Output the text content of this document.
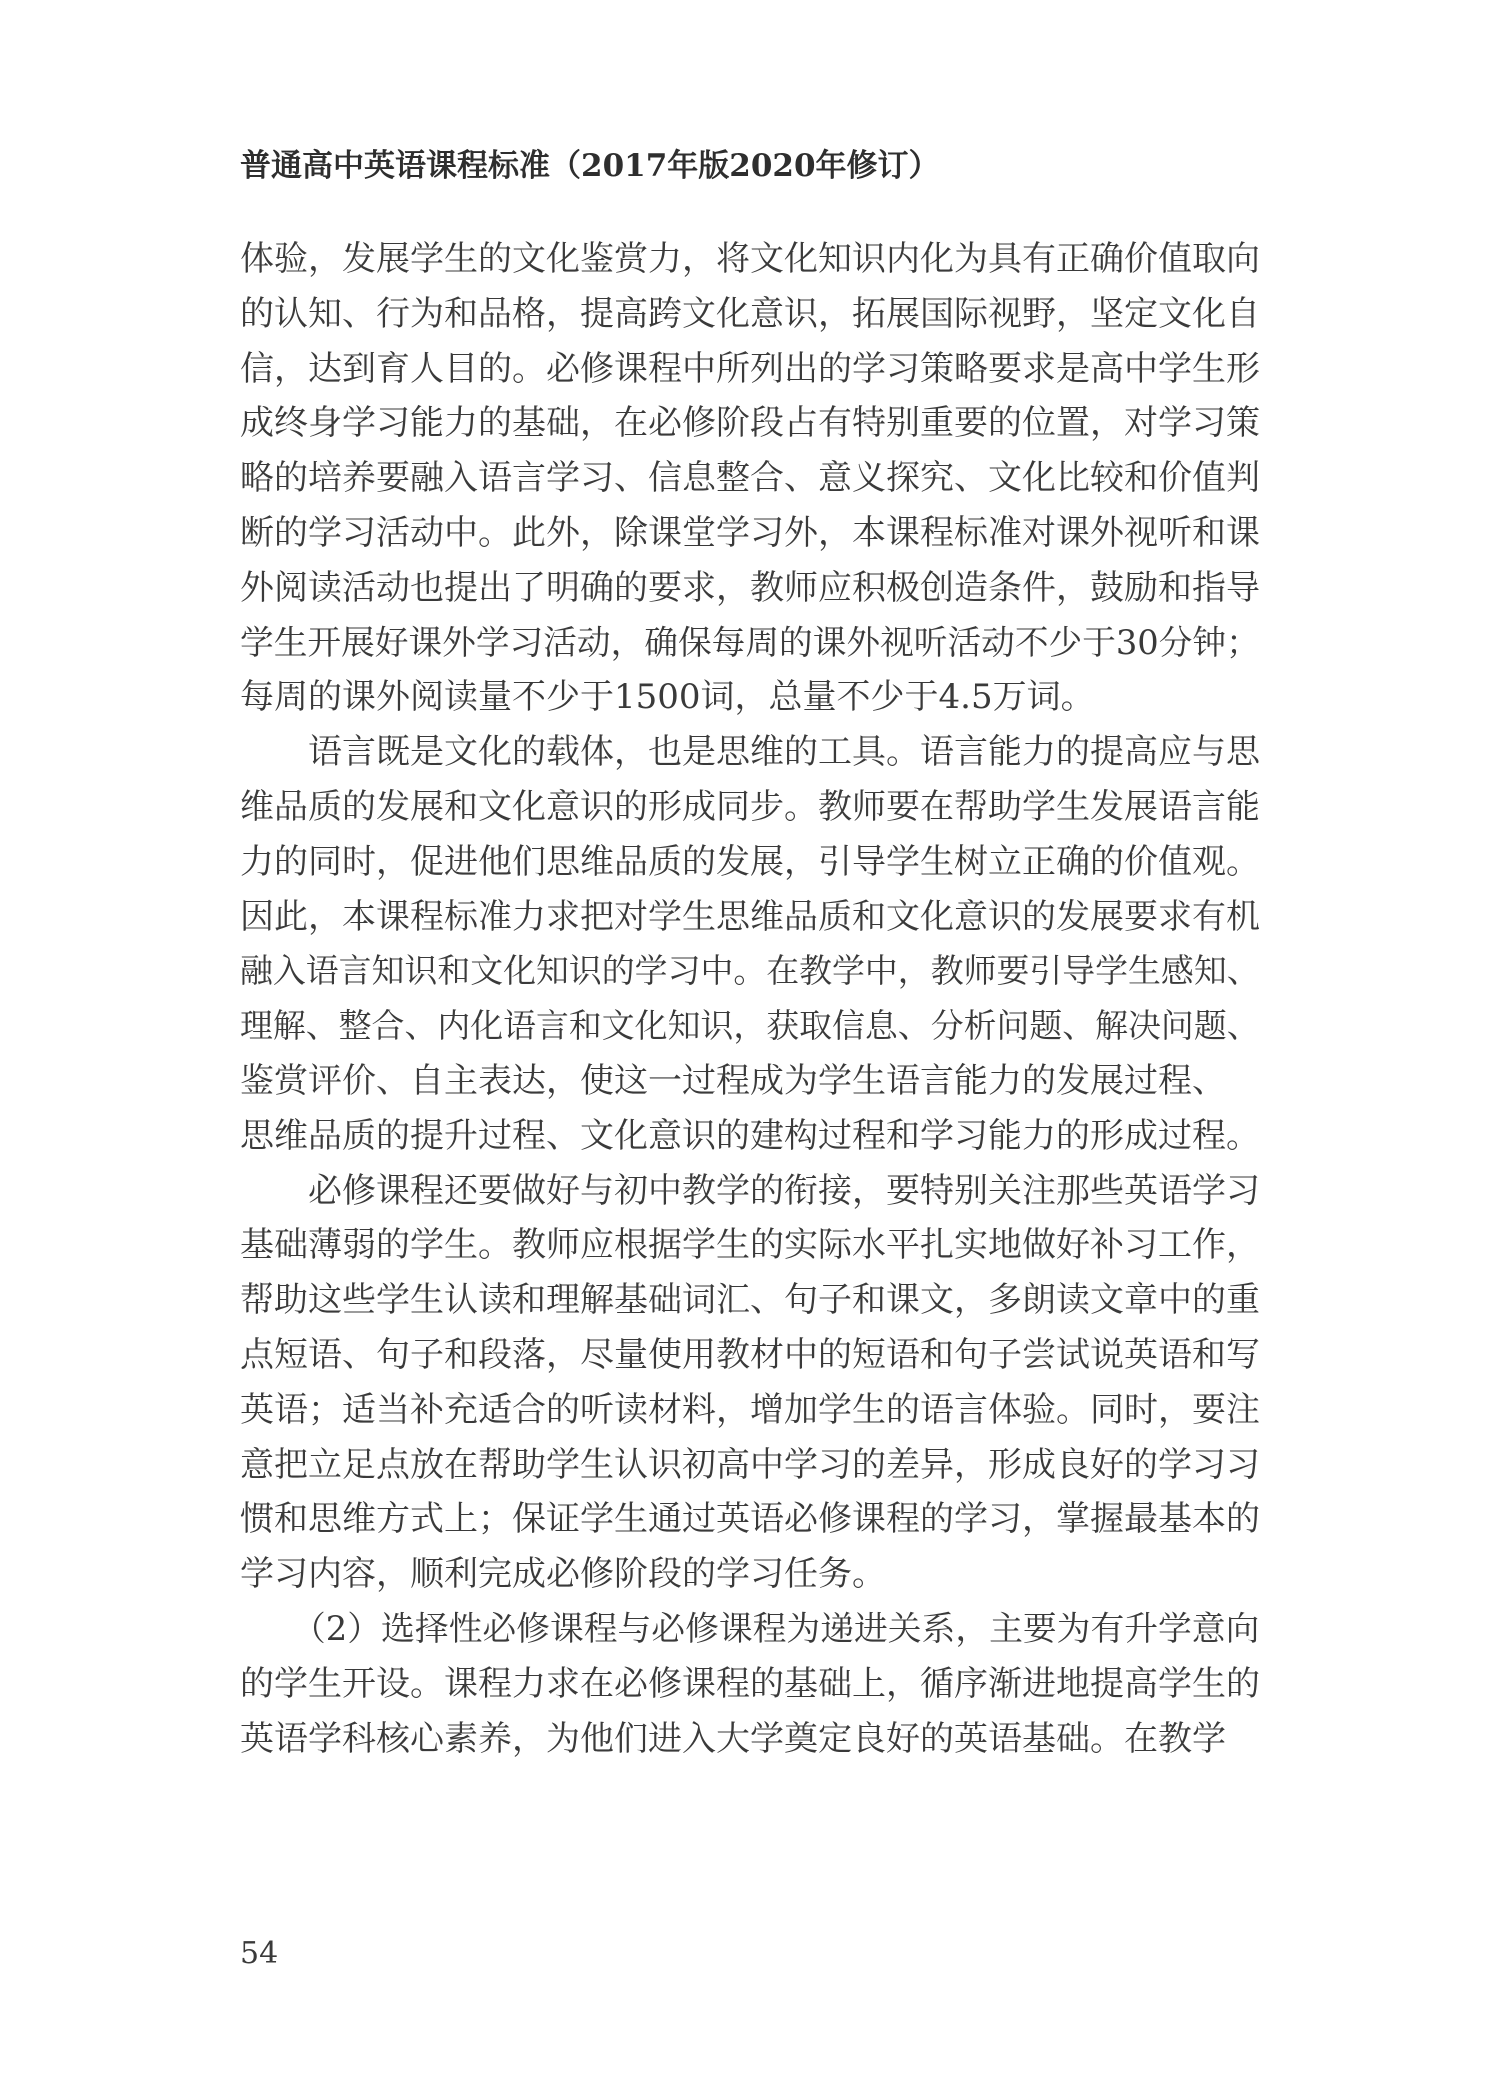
普通高中英语课程标准（2017年版2020年修订）
体验，发展学生的文化鉴赏力，将文化知识内化为具有正确价值取向
的认知、行为和品格，提高跨文化意识，拓展国际视野，坚定文化自
信，达到育人目的。必修课程中所列出的学习策略要求是高中学生形
成终身学习能力的基础，在必修阶段占有特别重要的位置，对学习策
略的培养要融入语言学习、信息整合、意义探究、文化比较和价值判
断的学习活动中。此外，除课堂学习外，本课程标准对课外视听和课
外阅读活动也提出了明确的要求，教师应积极创造条件，鼓励和指导
学生开展好课外学习活动，确保每周的课外视听活动不少于30分钟；
每周的课外阅读量不少于1500词，总量不少于4.5万词。
语言既是文化的载体，也是思维的工具。语言能力的提高应与思
维品质的发展和文化意识的形成同步。教师要在帮助学生发展语言能
力的同时，促进他们思维品质的发展，引导学生树立正确的价值观。
因此，本课程标准力求把对学生思维品质和文化意识的发展要求有机
融入语言知识和文化知识的学习中。在教学中，教师要引导学生感知、
理解、整合、内化语言和文化知识，获取信息、分析问题、解决问题、
鉴赏评价、自主表达，使这一过程成为学生语言能力的发展过程、
思维品质的提升过程、文化意识的建构过程和学习能力的形成过程。
必修课程还要做好与初中教学的衔接，要特别关注那些英语学习
基础薄弱的学生。教师应根据学生的实际水平扎实地做好补习工作，
帮助这些学生认读和理解基础词汇、句子和课文，多朗读文章中的重
点短语、句子和段落，尽量使用教材中的短语和句子尝试说英语和写
英语；适当补充适合的听读材料，增加学生的语言体验。同时，要注
意把立足点放在帮助学生认识初高中学习的差异，形成良好的学习习
惯和思维方式上；保证学生通过英语必修课程的学习，掌握最基本的
学习内容，顺利完成必修阶段的学习任务。
（2）选择性必修课程与必修课程为递进关系，主要为有升学意向
的学生开设。课程力求在必修课程的基础上，循序渐进地提高学生的
英语学科核心素养，为他们进入大学奠定良好的英语基础。在教学
54
